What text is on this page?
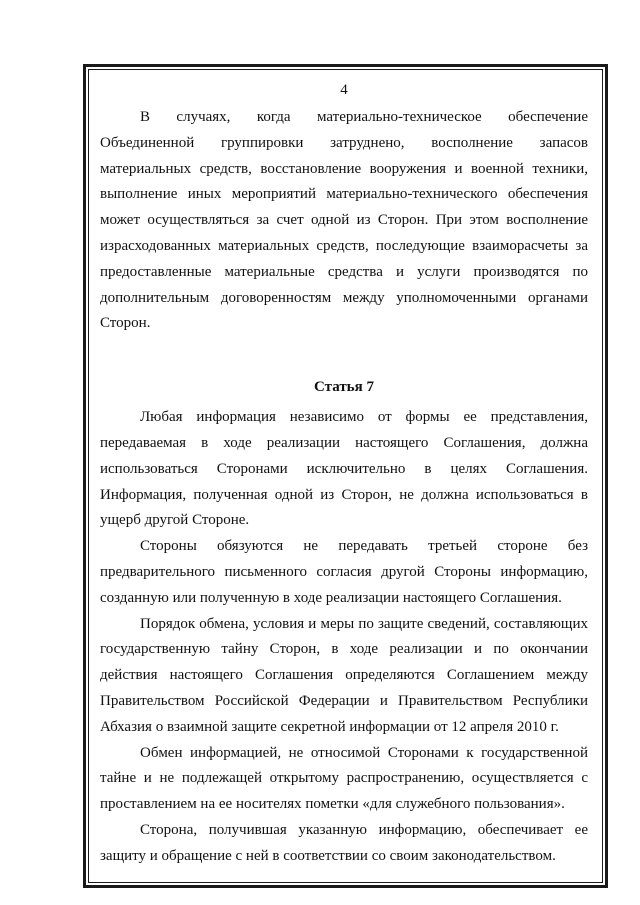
4

В случаях, когда материально-техническое обеспечение Объединенной группировки затруднено, восполнение запасов материальных средств, восстановление вооружения и военной техники, выполнение иных мероприятий материально-технического обеспечения может осуществляться за счет одной из Сторон. При этом восполнение израсходованных материальных средств, последующие взаиморасчеты за предоставленные материальные средства и услуги производятся по дополнительным договоренностям между уполномоченными органами Сторон.

Статья 7

Любая информация независимо от формы ее представления, передаваемая в ходе реализации настоящего Соглашения, должна использоваться Сторонами исключительно в целях Соглашения. Информация, полученная одной из Сторон, не должна использоваться в ущерб другой Стороне.

Стороны обязуются не передавать третьей стороне без предварительного письменного согласия другой Стороны информацию, созданную или полученную в ходе реализации настоящего Соглашения.

Порядок обмена, условия и меры по защите сведений, составляющих государственную тайну Сторон, в ходе реализации и по окончании действия настоящего Соглашения определяются Соглашением между Правительством Российской Федерации и Правительством Республики Абхазия о взаимной защите секретной информации от 12 апреля 2010 г.

Обмен информацией, не относимой Сторонами к государственной тайне и не подлежащей открытому распространению, осуществляется с проставлением на ее носителях пометки «для служебного пользования».

Сторона, получившая указанную информацию, обеспечивает ее защиту и обращение с ней в соответствии со своим законодательством.
